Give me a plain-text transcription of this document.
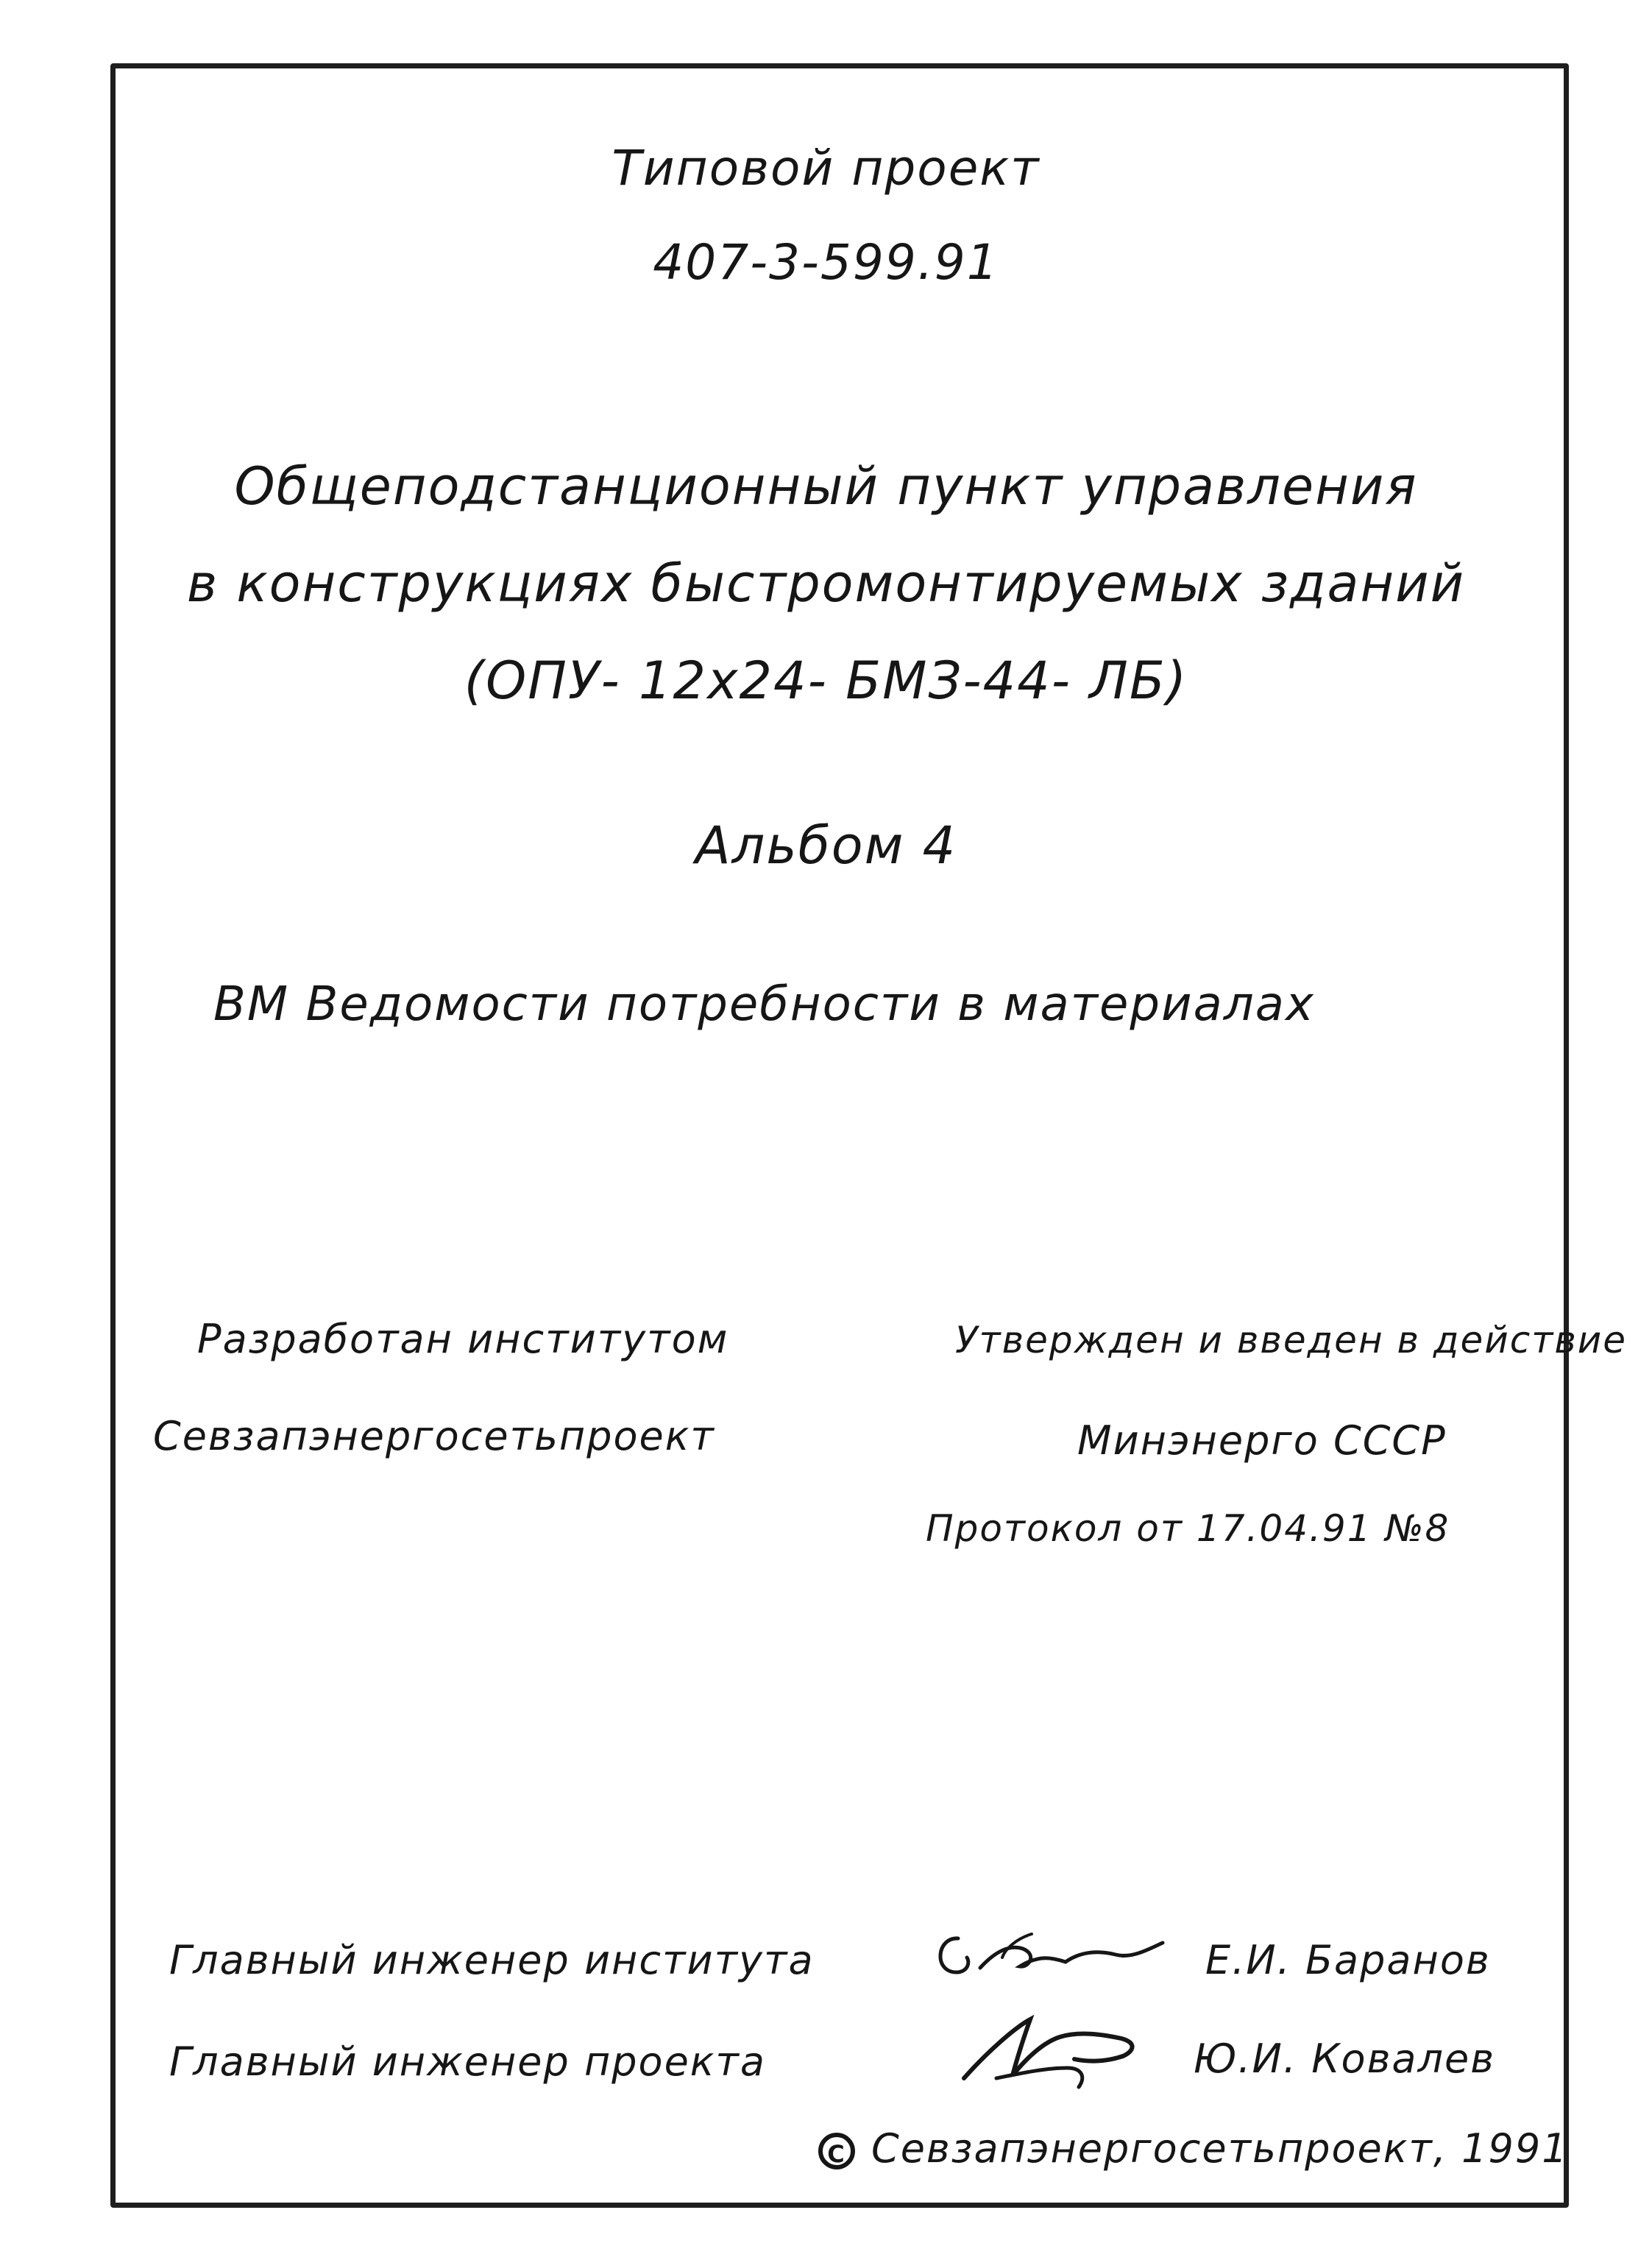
Типовой проект
407-3-599.91
Общеподстанционный пункт управления
в конструкциях быстромонтируемых зданий
(ОПУ- 12х24- БМЗ-44- ЛБ)
Альбом 4
ВМ Ведомости потребности в материалах
Разработан институтом
Севзапэнергосетьпроект
Утвержден и введен в действие
Минэнерго СССР
Протокол от 17.04.91 №8
Главный инженер института	Е.И. Баранов
Главный инженер проекта	Ю.И. Ковалев
C Севзапэнергосетьпроект, 1991
